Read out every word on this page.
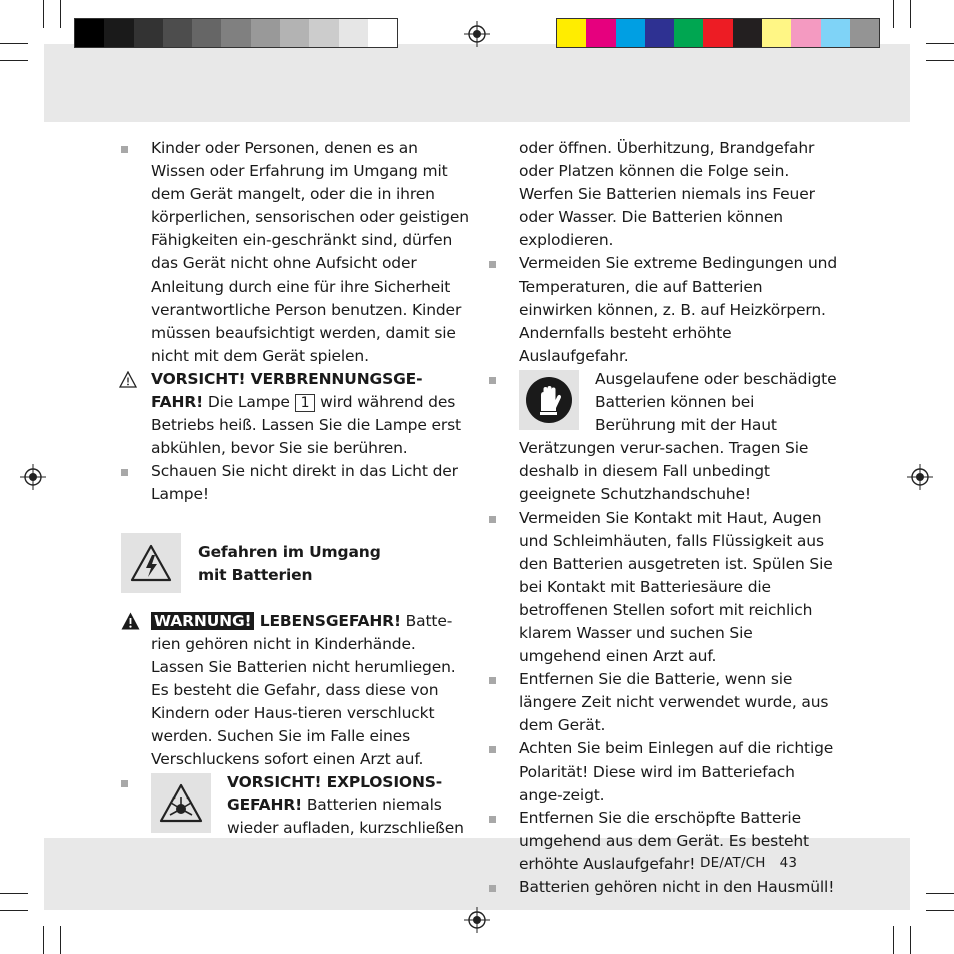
Kinder oder Personen, denen es an Wissen oder Erfahrung im Umgang mit dem Gerät mangelt, oder die in ihren körperlichen, sensorischen oder geistigen Fähigkeiten ein-geschränkt sind, dürfen das Gerät nicht ohne Aufsicht oder Anleitung durch eine für ihre Sicherheit verantwortliche Person benutzen. Kinder müssen beaufsichtigt werden, damit sie nicht mit dem Gerät spielen.
VORSICHT! VERBRENNUNGSGE-FAHR! Die Lampe 1 wird während des Betriebs heiß. Lassen Sie die Lampe erst abkühlen, bevor Sie sie berühren.
Schauen Sie nicht direkt in das Licht der Lampe!
Gefahren im Umgang
mit Batterien
WARNUNG! LEBENSGEFAHR! Batte-rien gehören nicht in Kinderhände. Lassen Sie Batterien nicht herumliegen. Es besteht die Gefahr, dass diese von Kindern oder Haus-tieren verschluckt werden. Suchen Sie im Falle eines Verschluckens sofort einen Arzt auf.
VORSICHT! EXPLOSIONS-GEFAHR! Batterien niemals wieder aufladen, kurzschließen
oder öffnen. Überhitzung, Brandgefahr oder Platzen können die Folge sein. Werfen Sie Batterien niemals ins Feuer oder Wasser. Die Batterien können explodieren.
Vermeiden Sie extreme Bedingungen und Temperaturen, die auf Batterien einwirken können, z. B. auf Heizkörpern. Andernfalls besteht erhöhte Auslaufgefahr.
Ausgelaufene oder beschädigte Batterien können bei Berührung mit der Haut Verätzungen verur-sachen. Tragen Sie deshalb in diesem Fall unbedingt geeignete Schutzhandschuhe!
Vermeiden Sie Kontakt mit Haut, Augen und Schleimhäuten, falls Flüssigkeit aus den Batterien ausgetreten ist. Spülen Sie bei Kontakt mit Batteriesäure die betroffenen Stellen sofort mit reichlich klarem Wasser und suchen Sie umgehend einen Arzt auf.
Entfernen Sie die Batterie, wenn sie längere Zeit nicht verwendet wurde, aus dem Gerät.
Achten Sie beim Einlegen auf die richtige Polarität! Diese wird im Batteriefach ange-zeigt.
Entfernen Sie die erschöpfte Batterie umgehend aus dem Gerät. Es besteht erhöhte Auslaufgefahr!
Batterien gehören nicht in den Hausmüll!
DE/AT/CH 43
